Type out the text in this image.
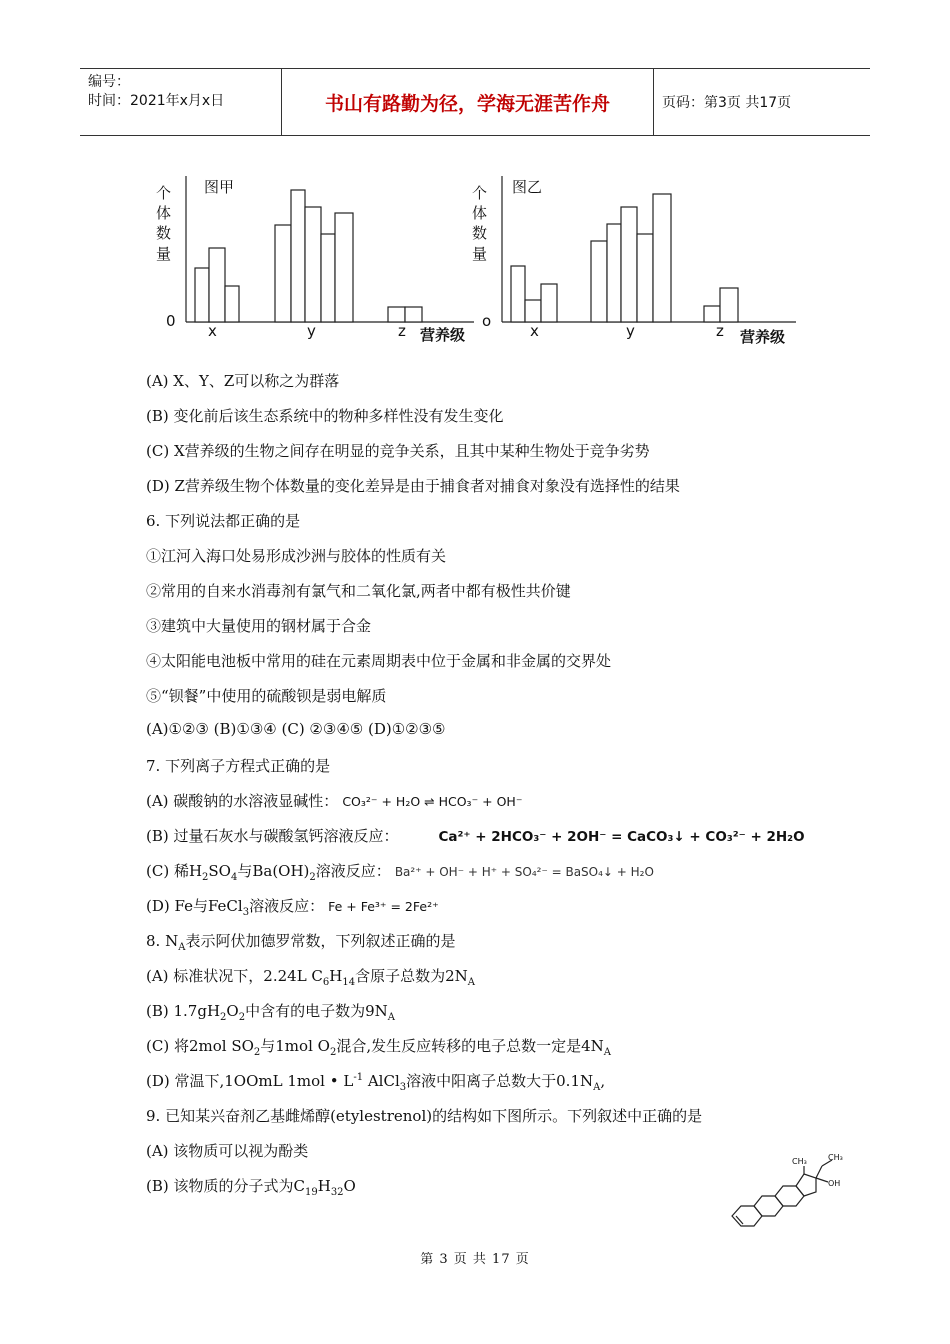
编号：
时间：2021年x月x日	书山有路勤为径，学海无涯苦作舟	页码：第3页 共17页
个
体
数
量
图甲
0
x	y	z 营养级
个
体
数
量
图乙
o
x	y	z 营养级
(A) X、Y、Z可以称之为群落
(B) 变化前后该生态系统中的物种多样性没有发生变化
(C) X营养级的生物之间存在明显的竞争关系，且其中某种生物处于竞争劣势
(D) Z营养级生物个体数量的变化差异是由于捕食者对捕食对象没有选择性的结果
6. 下列说法都正确的是
①江河入海口处易形成沙洲与胶体的性质有关
②常用的自来水消毒剂有氯气和二氧化氯,两者中都有极性共价键
③建筑中大量使用的钢材属于合金
④太阳能电池板中常用的硅在元素周期表中位于金属和非金属的交界处
⑤“钡餐”中使用的硫酸钡是弱电解质
(A)①②③ (B)①③④ (C) ②③④⑤ (D)①②③⑤
7. 下列离子方程式正确的是
(A) 碳酸钠的水溶液显碱性： CO₃²⁻ + H₂O ⇌ HCO₃⁻ + OH⁻
(B) 过量石灰水与碳酸氢钙溶液反应：	Ca²⁺ + 2HCO₃⁻ + 2OH⁻ = CaCO₃↓ + CO₃²⁻ + 2H₂O
(C) 稀$H_2SO_4$与$Ba(OH)_2$溶液反应： Ba²⁺ + OH⁻ + H⁺ + SO₄²⁻ = BaSO₄↓ + H₂O
(D) Fe与FeCl$_3$溶液反应： Fe + Fe³⁺ = 2Fe²⁺
8. $N_A$表示阿伏加德罗常数，下列叙述正确的是
(A) 标准状况下，2.24L $C_6H_{14}$含原子总数为$2N_A$
(B) $1.7gH_2O_2$中含有的电子数为$9N_A$
(C) 将2mol $SO_2$与1mol $O_2$混合,发生反应转移的电子总数一定是$4N_A$
(D) 常温下,1OOmL 1mol • $L^{-1}$ AlCl$_3$溶液中阳离子总数大于$0.1N_A$,
9. 已知某兴奋剂乙基雌烯醇(etylestrenol)的结构如下图所示。下列叙述中正确的是
(A) 该物质可以视为酚类
(B) 该物质的分子式为$C_{19}H_{32}O$
CH₃	CH₃
OH
第 3 页 共 17 页
